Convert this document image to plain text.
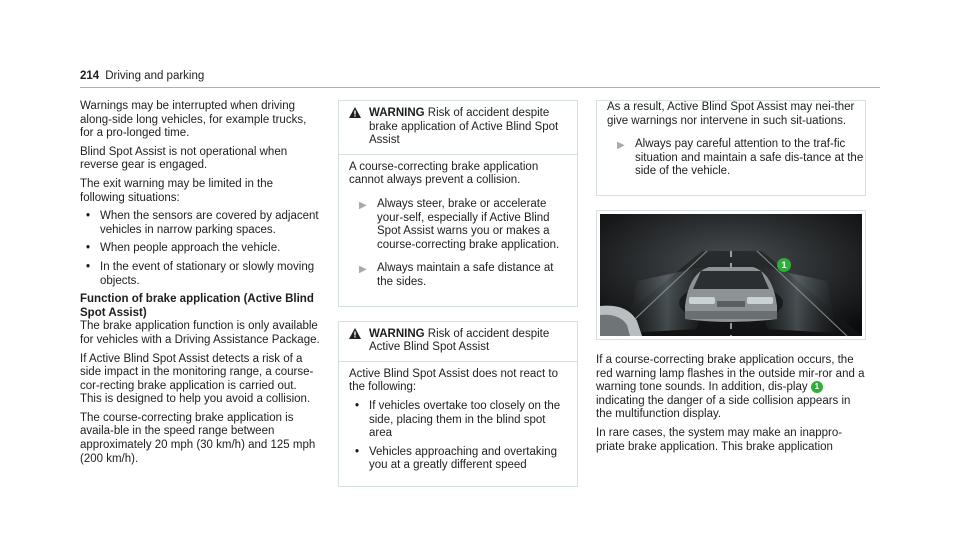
214 Driving and parking

Warnings may be interrupted when driving along-side long vehicles, for example trucks, for a pro-longed time.

Blind Spot Assist is not operational when reverse gear is engaged.

The exit warning may be limited in the following situations:

• When the sensors are covered by adjacent vehicles in narrow parking spaces.
• When people approach the vehicle.
• In the event of stationary or slowly moving objects.
Function of brake application (Active Blind Spot Assist)

The brake application function is only available for vehicles with a Driving Assistance Package.

If Active Blind Spot Assist detects a risk of a side impact in the monitoring range, a course-cor-recting brake application is carried out. This is designed to help you avoid a collision.

The course-correcting brake application is availa-ble in the speed range between approximately 20 mph (30 km/h) and 125 mph (200 km/h).

WARNING Risk of accident despite brake application of Active Blind Spot Assist

A course-correcting brake application cannot always prevent a collision.

▶ Always steer, brake or accelerate your-self, especially if Active Blind Spot Assist warns you or makes a course-correcting brake application.
▶ Always maintain a safe distance at the sides.
WARNING Risk of accident despite Active Blind Spot Assist

Active Blind Spot Assist does not react to the following:

• If vehicles overtake too closely on the side, placing them in the blind spot area
• Vehicles approaching and overtaking you at a greatly different speed

As a result, Active Blind Spot Assist may nei-ther give warnings nor intervene in such sit-uations.

▶ Always pay careful attention to the traf-fic situation and maintain a safe dis-tance at the side of the vehicle.
1

If a course-correcting brake application occurs, the red warning lamp flashes in the outside mir-ror and a warning tone sounds. In addition, dis-play 1 indicating the danger of a side collision appears in the multifunction display.

In rare cases, the system may make an inappro-priate brake application. This brake application
